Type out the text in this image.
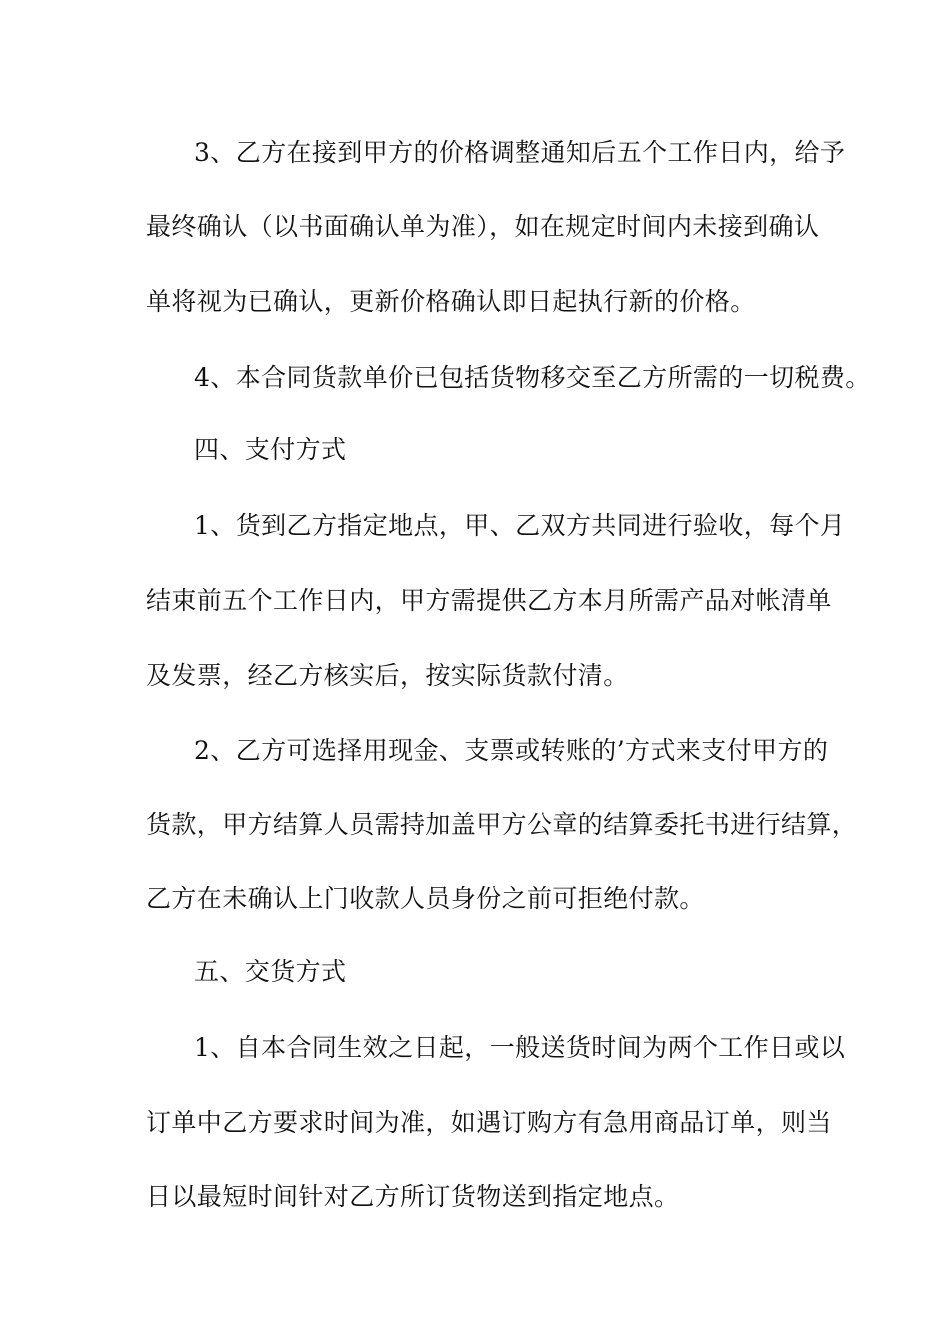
3、乙方在接到甲方的价格调整通知后五个工作日内，给予
最终确认（以书面确认单为准），如在规定时间内未接到确认
单将视为已确认，更新价格确认即日起执行新的价格。
4、本合同货款单价已包括货物移交至乙方所需的一切税费。
四、支付方式
1、货到乙方指定地点，甲、乙双方共同进行验收，每个月
结束前五个工作日内，甲方需提供乙方本月所需产品对帐清单
及发票，经乙方核实后，按实际货款付清。
2、乙方可选择用现金、支票或转账的’方式来支付甲方的
货款，甲方结算人员需持加盖甲方公章的结算委托书进行结算，
乙方在未确认上门收款人员身份之前可拒绝付款。
五、交货方式
1、自本合同生效之日起，一般送货时间为两个工作日或以
订单中乙方要求时间为准，如遇订购方有急用商品订单，则当
日以最短时间针对乙方所订货物送到指定地点。
